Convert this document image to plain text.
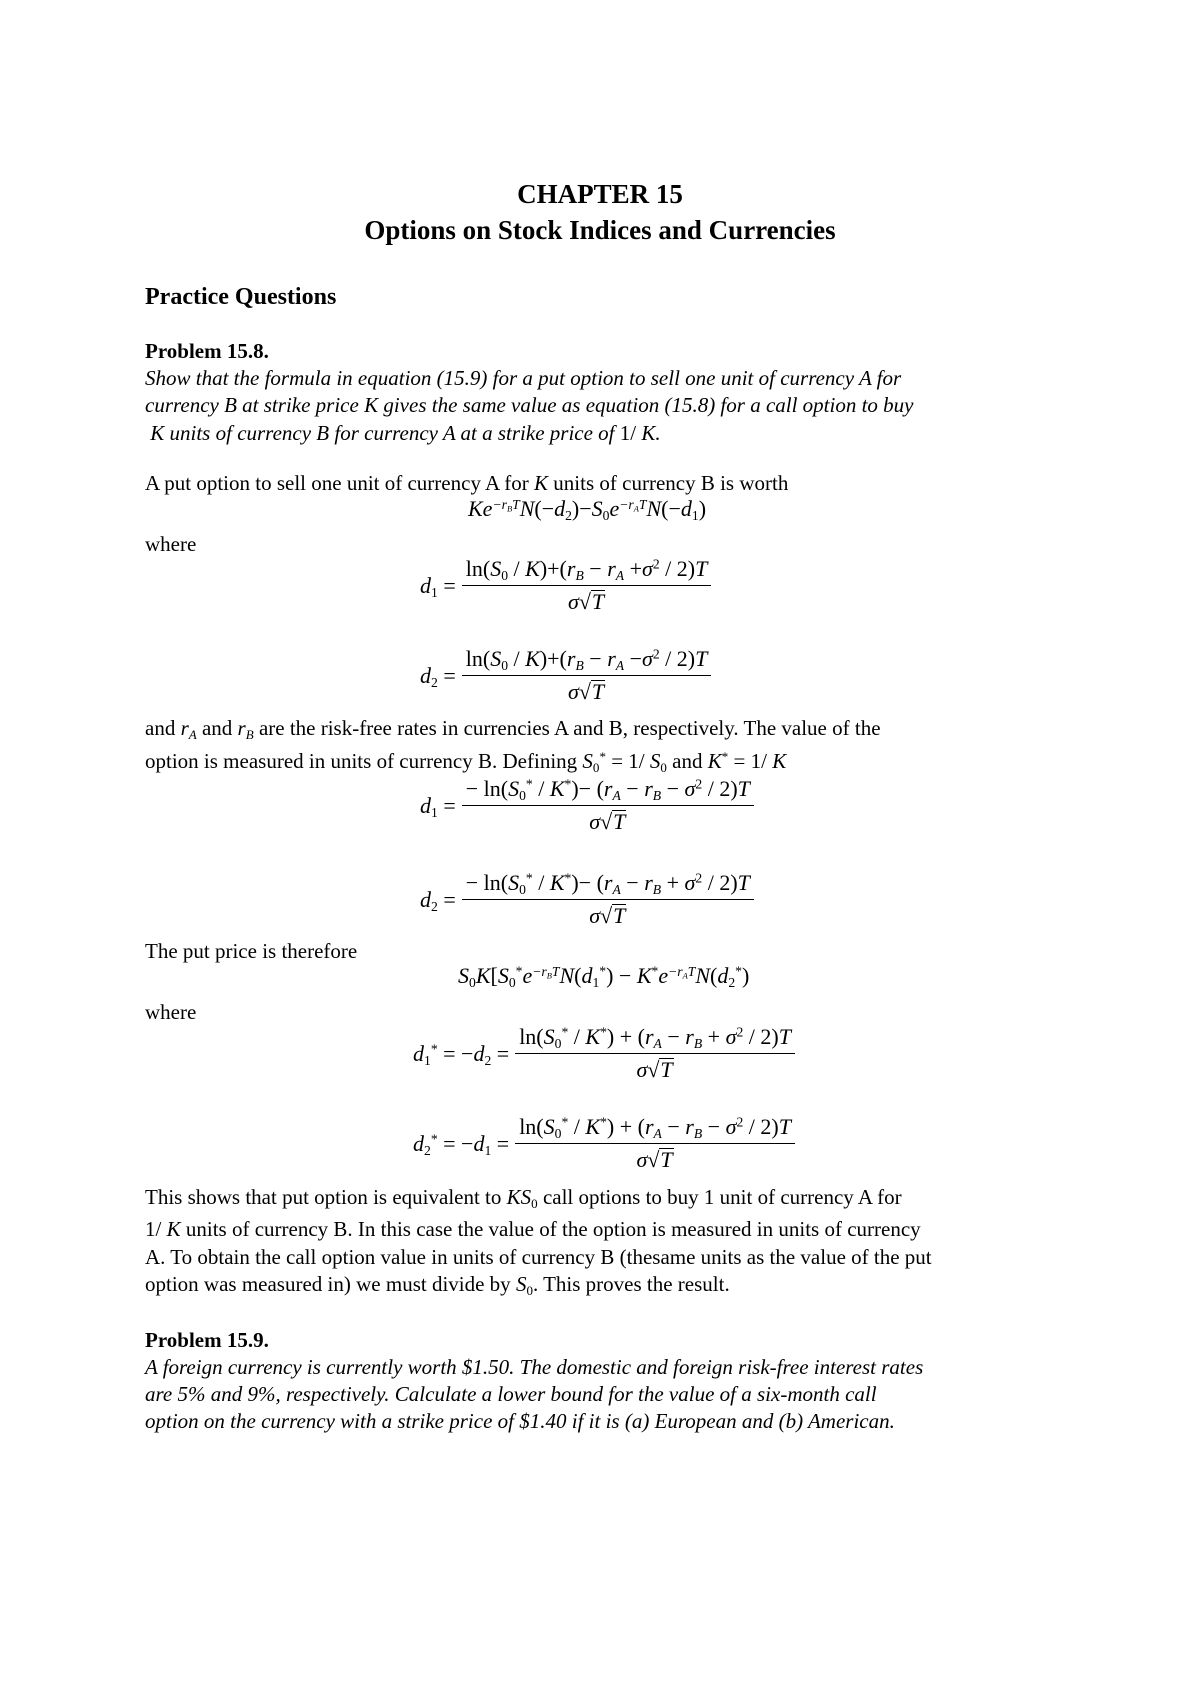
CHAPTER 15
Options on Stock Indices and Currencies
Practice Questions
Problem 15.8.
Show that the formula in equation (15.9) for a put option to sell one unit of currency A for
currency B at strike price K gives the same value as equation (15.8) for a call option to buy
K units of currency B for currency A at a strike price of 1/ K.
A put option to sell one unit of currency A for K units of currency B is worth
$Ke^{-r_BT}N(-d_2)-S_0e^{-r_AT}N(-d_1)$
where
$d_1 = \frac{\ln(S_0 / K)+(r_B - r_A +\sigma^2 / 2)T}{\sigma√T}$
$d_2 = \frac{\ln(S_0 / K)+(r_B - r_A -\sigma^2 / 2)T}{\sigma√T}$
and $r_A$ and $r_B$ are the risk-free rates in currencies A and B, respectively. The value of the
option is measured in units of currency B. Defining $S_0^* = 1/$ $S_0$ and K* = 1/ K
$d_1 = \frac{- \ln(S_0^* / K^*)- (r_A - r_B - \sigma^2 / 2)T}{\sigma√T}$
$d_2 = \frac{- \ln(S_0^* / K^*)- (r_A - r_B + \sigma^2 / 2)T}{\sigma√T}$
The put price is therefore
$S_0K[S_0^*e^{-r_BT}N(d_1^*) - K^*e^{-r_AT}N(d_2^*)$
where
$d_1^* = -d_2 = \frac{\ln(S_0^* / K^*) + (r_A - r_B + \sigma^2 / 2)T}{\sigma√T}$
$d_2^* = -d_1 = \frac{\ln(S_0^* / K^*) + (r_A - r_B - \sigma^2 / 2)T}{\sigma√T}$
This shows that put option is equivalent to $KS_0$ call options to buy 1 unit of currency A for
1/ K units of currency B. In this case the value of the option is measured in units of currency
A. To obtain the call option value in units of currency B (thesame units as the value of the put
option was measured in) we must divide by $S_0$. This proves the result.
Problem 15.9.
A foreign currency is currently worth $1.50. The domestic and foreign risk-free interest rates
are 5% and 9%, respectively. Calculate a lower bound for the value of a six-month call
option on the currency with a strike price of $1.40 if it is (a) European and (b) American.
